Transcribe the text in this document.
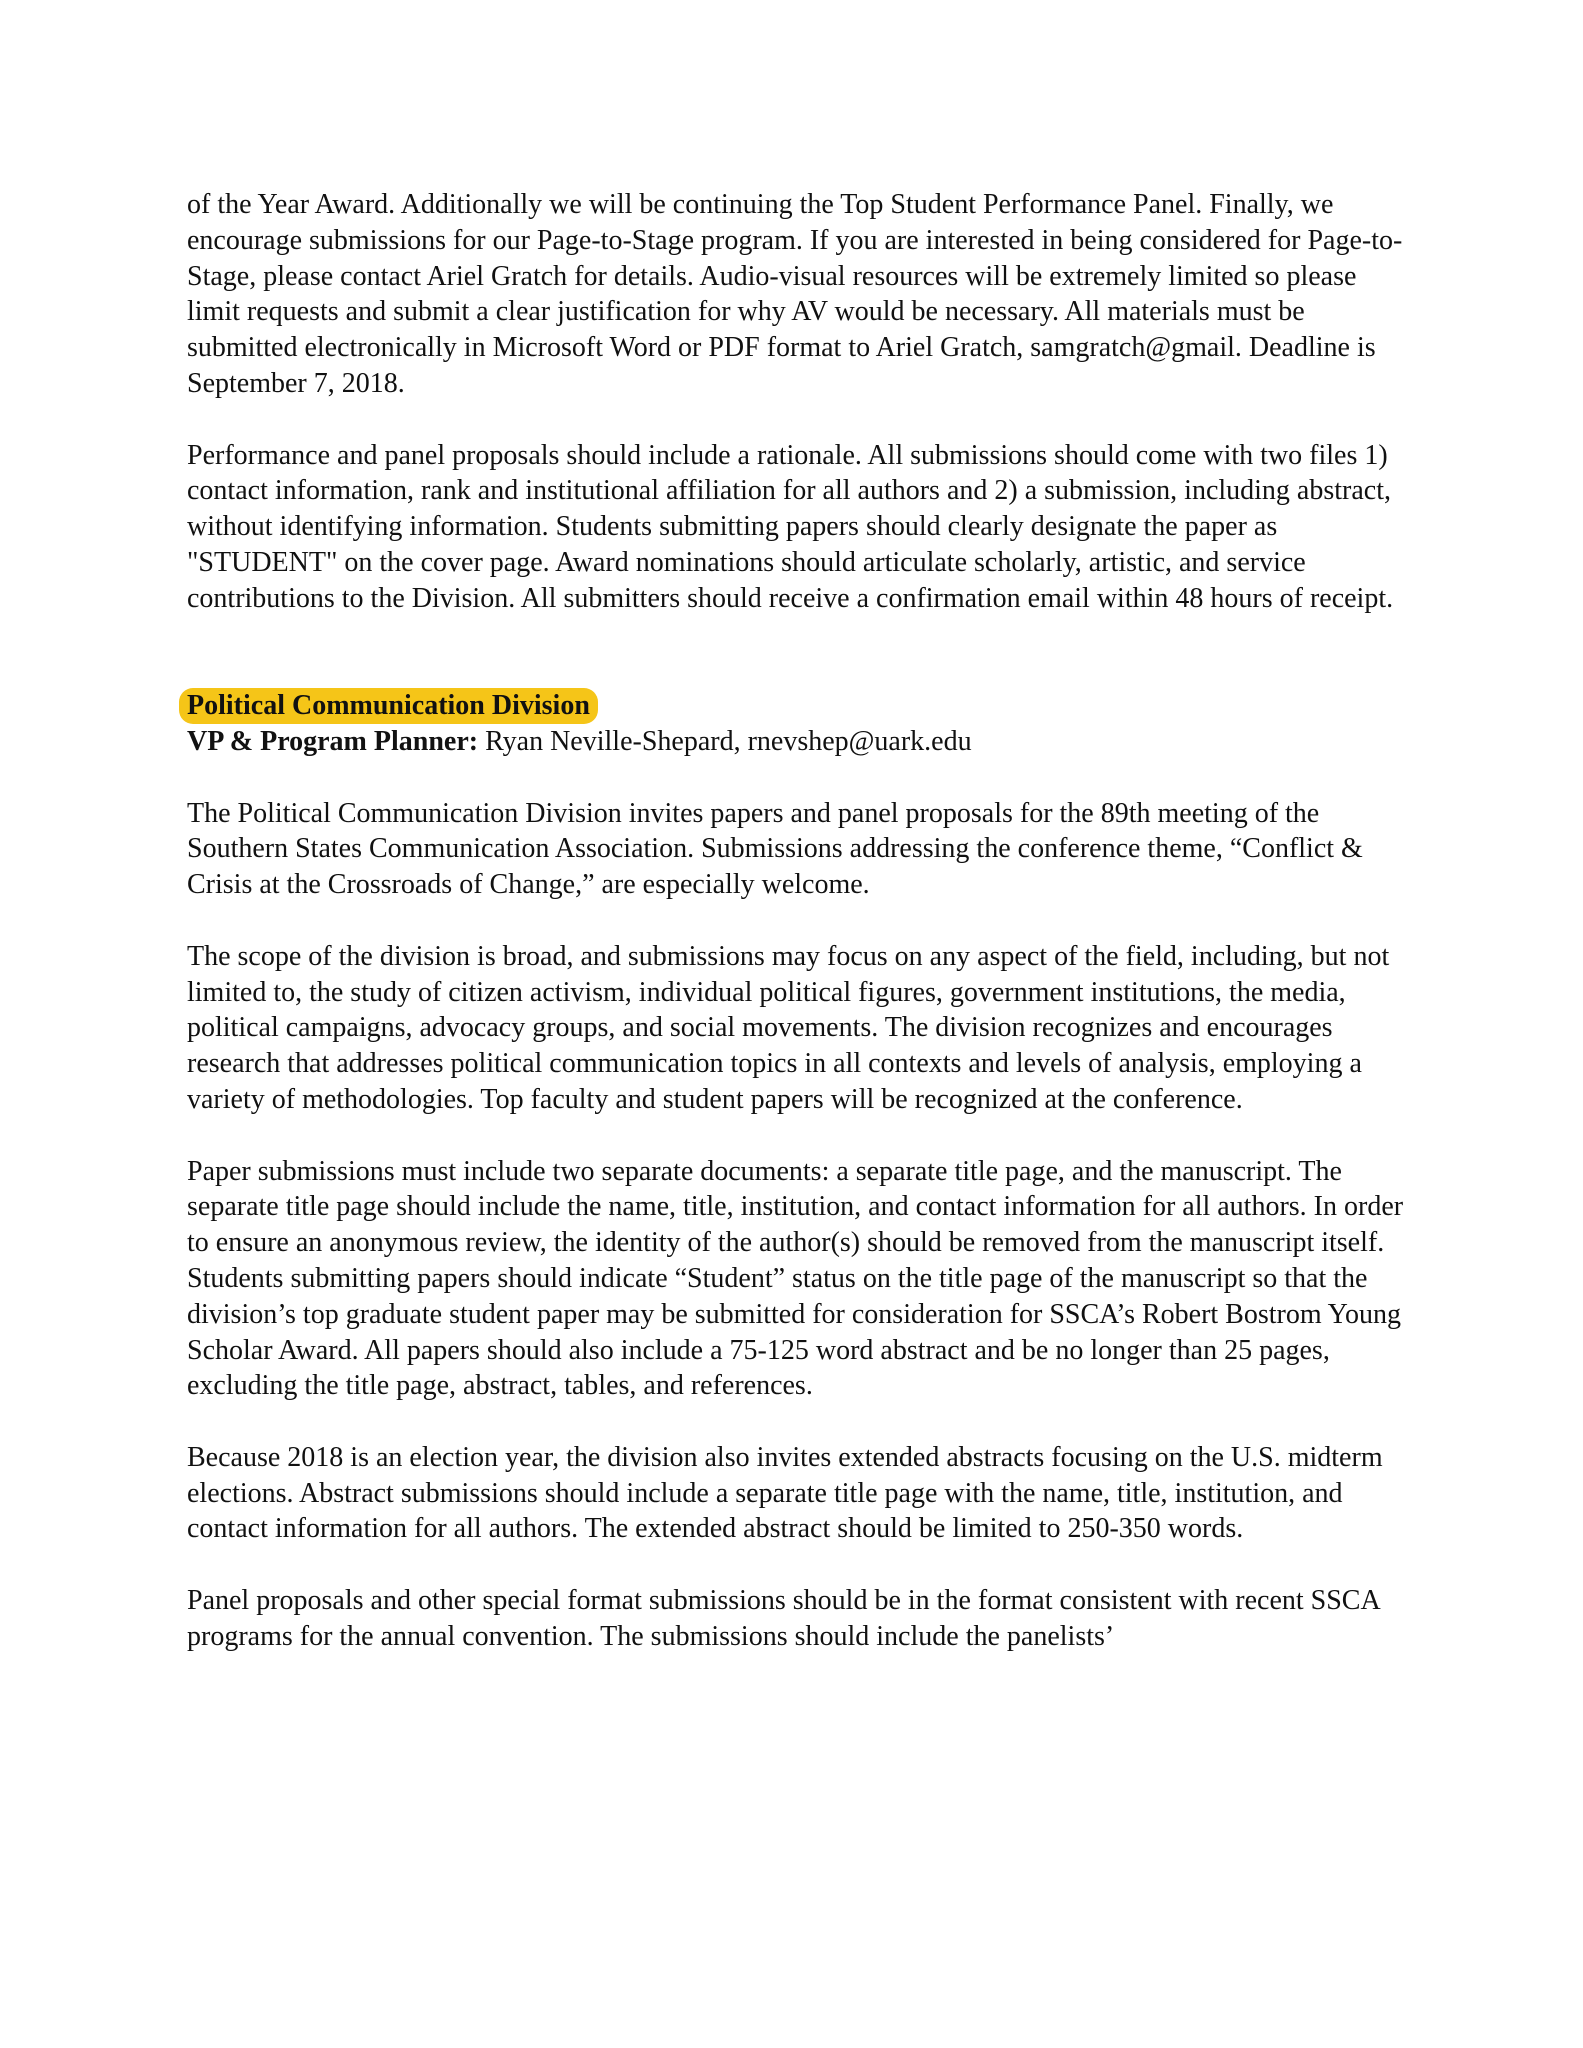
of the Year Award. Additionally we will be continuing the Top Student Performance Panel. Finally, we encourage submissions for our Page-to-Stage program. If you are interested in being considered for Page-to-Stage, please contact Ariel Gratch for details. Audio-visual resources will be extremely limited so please limit requests and submit a clear justification for why AV would be necessary. All materials must be submitted electronically in Microsoft Word or PDF format to Ariel Gratch, samgratch@gmail. Deadline is September 7, 2018.

Performance and panel proposals should include a rationale. All submissions should come with two files 1) contact information, rank and institutional affiliation for all authors and 2) a submission, including abstract, without identifying information. Students submitting papers should clearly designate the paper as "STUDENT" on the cover page. Award nominations should articulate scholarly, artistic, and service contributions to the Division. All submitters should receive a confirmation email within 48 hours of receipt.

Political Communication Division
VP & Program Planner: Ryan Neville-Shepard, rnevshep@uark.edu

The Political Communication Division invites papers and panel proposals for the 89th meeting of the Southern States Communication Association. Submissions addressing the conference theme, “Conflict & Crisis at the Crossroads of Change,” are especially welcome.

The scope of the division is broad, and submissions may focus on any aspect of the field, including, but not limited to, the study of citizen activism, individual political figures, government institutions, the media, political campaigns, advocacy groups, and social movements. The division recognizes and encourages research that addresses political communication topics in all contexts and levels of analysis, employing a variety of methodologies. Top faculty and student papers will be recognized at the conference.

Paper submissions must include two separate documents: a separate title page, and the manuscript. The separate title page should include the name, title, institution, and contact information for all authors. In order to ensure an anonymous review, the identity of the author(s) should be removed from the manuscript itself. Students submitting papers should indicate “Student” status on the title page of the manuscript so that the division’s top graduate student paper may be submitted for consideration for SSCA’s Robert Bostrom Young Scholar Award. All papers should also include a 75-125 word abstract and be no longer than 25 pages, excluding the title page, abstract, tables, and references.

Because 2018 is an election year, the division also invites extended abstracts focusing on the U.S. midterm elections. Abstract submissions should include a separate title page with the name, title, institution, and contact information for all authors. The extended abstract should be limited to 250-350 words.

Panel proposals and other special format submissions should be in the format consistent with recent SSCA programs for the annual convention. The submissions should include the panelists’
